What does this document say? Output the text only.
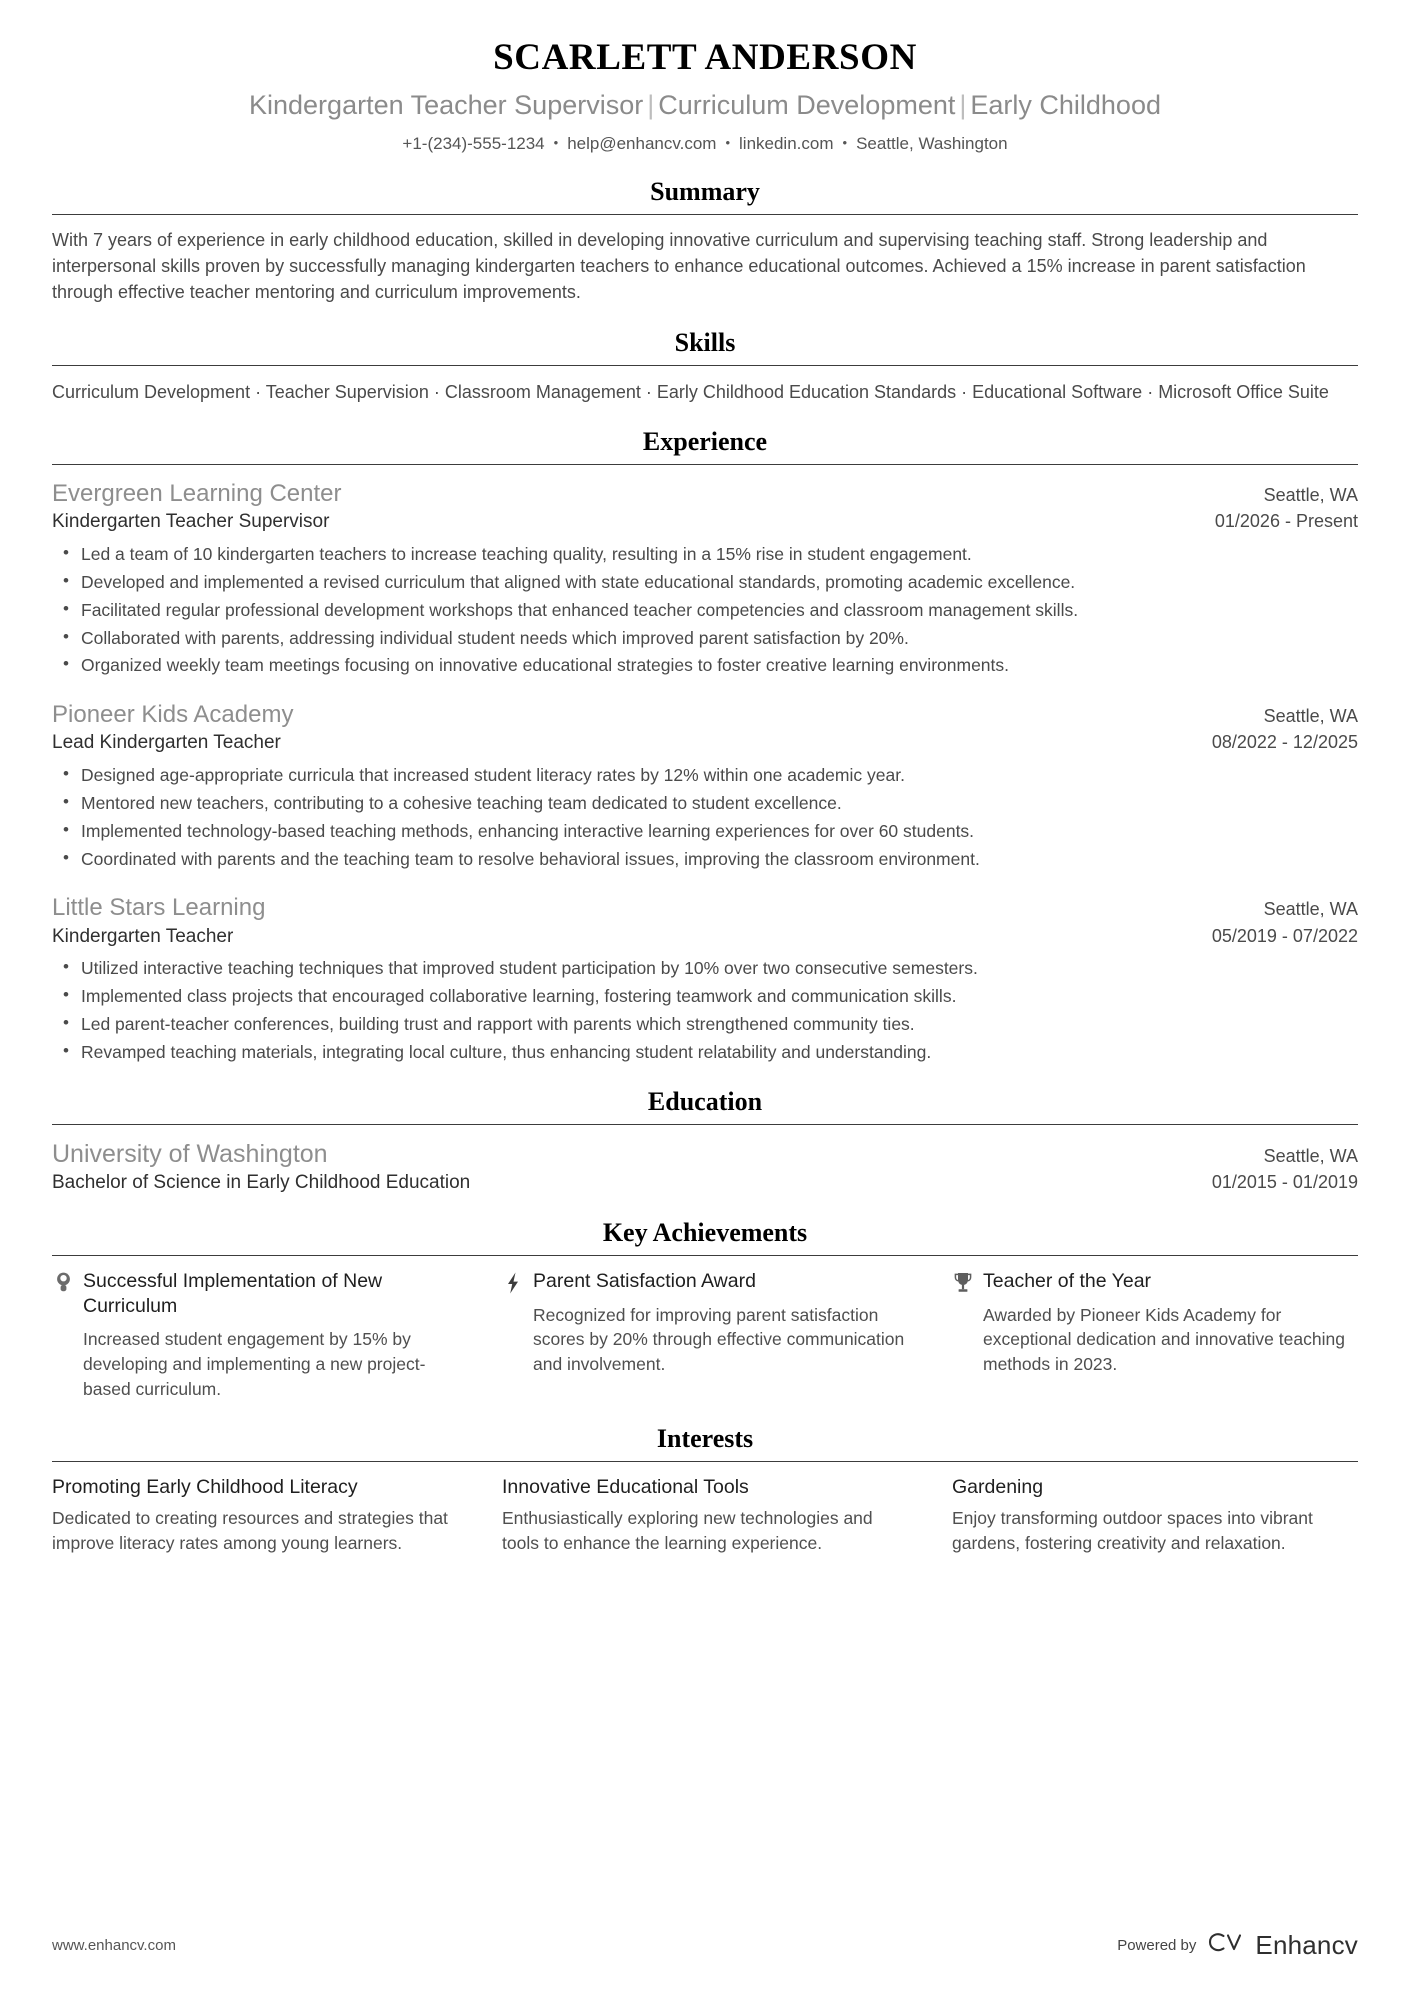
SCARLETT ANDERSON
Kindergarten Teacher Supervisor | Curriculum Development | Early Childhood
+1-(234)-555-1234 • help@enhancv.com • linkedin.com • Seattle, Washington
Summary

With 7 years of experience in early childhood education, skilled in developing innovative curriculum and supervising teaching staff. Strong leadership and interpersonal skills proven by successfully managing kindergarten teachers to enhance educational outcomes. Achieved a 15% increase in parent satisfaction through effective teacher mentoring and curriculum improvements.

Skills
Curriculum Development · Teacher Supervision · Classroom Management · Early Childhood Education Standards · Educational Software · Microsoft Office Suite
Experience
Evergreen Learning Center	Seattle, WA
Kindergarten Teacher Supervisor	01/2026 - Present
• Led a team of 10 kindergarten teachers to increase teaching quality, resulting in a 15% rise in student engagement.
• Developed and implemented a revised curriculum that aligned with state educational standards, promoting academic excellence.
• Facilitated regular professional development workshops that enhanced teacher competencies and classroom management skills.
• Collaborated with parents, addressing individual student needs which improved parent satisfaction by 20%.
• Organized weekly team meetings focusing on innovative educational strategies to foster creative learning environments.
Pioneer Kids Academy	Seattle, WA
Lead Kindergarten Teacher	08/2022 - 12/2025
• Designed age-appropriate curricula that increased student literacy rates by 12% within one academic year.
• Mentored new teachers, contributing to a cohesive teaching team dedicated to student excellence.
• Implemented technology-based teaching methods, enhancing interactive learning experiences for over 60 students.
• Coordinated with parents and the teaching team to resolve behavioral issues, improving the classroom environment.
Little Stars Learning	Seattle, WA
Kindergarten Teacher	05/2019 - 07/2022
• Utilized interactive teaching techniques that improved student participation by 10% over two consecutive semesters.
• Implemented class projects that encouraged collaborative learning, fostering teamwork and communication skills.
• Led parent-teacher conferences, building trust and rapport with parents which strengthened community ties.
• Revamped teaching materials, integrating local culture, thus enhancing student relatability and understanding.
Education
University of Washington	Seattle, WA
Bachelor of Science in Early Childhood Education	01/2015 - 01/2019
Key Achievements
Successful Implementation of New Curriculum
Increased student engagement by 15% by developing and implementing a new project-based curriculum.
Parent Satisfaction Award
Recognized for improving parent satisfaction scores by 20% through effective communication and involvement.
Teacher of the Year
Awarded by Pioneer Kids Academy for exceptional dedication and innovative teaching methods in 2023.
Interests
Promoting Early Childhood Literacy
Dedicated to creating resources and strategies that improve literacy rates among young learners.
Innovative Educational Tools
Enthusiastically exploring new technologies and tools to enhance the learning experience.
Gardening
Enjoy transforming outdoor spaces into vibrant gardens, fostering creativity and relaxation.
www.enhancv.com	Powered by Enhancv
